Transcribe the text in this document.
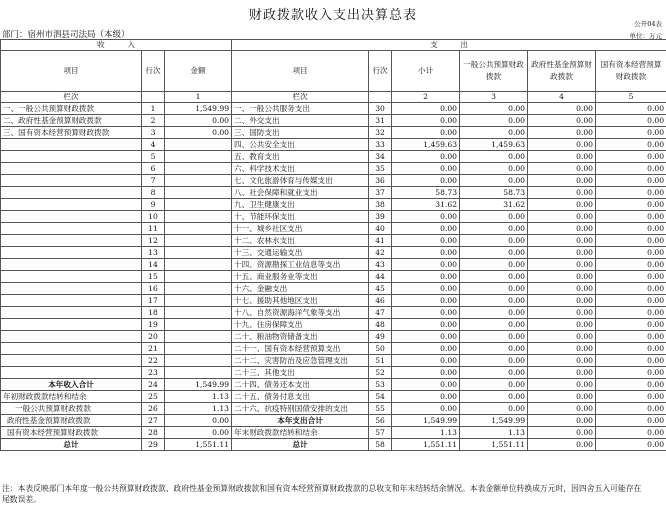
财政拨款收入支出决算总表
公开04表
部门：宿州市泗县司法局（本级）	单位：万元
收　　　入			支　　　出					
项目	行次	金额	项目	行次	小计	一般公共预算财政拨款	政府性基金预算财政拨款	国有资本经营预算财政拨款
栏次		1	栏次		2	3	4	5
一、一般公共预算财政拨款	1	1,549.99	一、一般公共服务支出	30	0.00	0.00	0.00	0.00
二、政府性基金预算财政拨款	2	0.00	二、外交支出	31	0.00	0.00	0.00	0.00
三、国有资本经营预算财政拨款	3	0.00	三、国防支出	32	0.00	0.00	0.00	0.00
	4		四、公共安全支出	33	1,459.63	1,459.63	0.00	0.00
	5		五、教育支出	34	0.00	0.00	0.00	0.00
	6		六、科学技术支出	35	0.00	0.00	0.00	0.00
	7		七、文化旅游体育与传媒支出	36	0.00	0.00	0.00	0.00
	8		八、社会保障和就业支出	37	58.73	58.73	0.00	0.00
	9		九、卫生健康支出	38	31.62	31.62	0.00	0.00
	10		十、节能环保支出	39	0.00	0.00	0.00	0.00
	11		十一、城乡社区支出	40	0.00	0.00	0.00	0.00
	12		十二、农林水支出	41	0.00	0.00	0.00	0.00
	13		十三、交通运输支出	42	0.00	0.00	0.00	0.00
	14		十四、资源勘探工业信息等支出	43	0.00	0.00	0.00	0.00
	15		十五、商业服务业等支出	44	0.00	0.00	0.00	0.00
	16		十六、金融支出	45	0.00	0.00	0.00	0.00
	17		十七、援助其他地区支出	46	0.00	0.00	0.00	0.00
	18		十八、自然资源海洋气象等支出	47	0.00	0.00	0.00	0.00
	19		十九、住房保障支出	48	0.00	0.00	0.00	0.00
	20		二十、粮油物资储备支出	49	0.00	0.00	0.00	0.00
	21		二十一、国有资本经营预算支出	50	0.00	0.00	0.00	0.00
	22		二十二、灾害防治及应急管理支出	51	0.00	0.00	0.00	0.00
	23		二十三、其他支出	52	0.00	0.00	0.00	0.00
本年收入合计	24	1,549.99	二十四、债务还本支出	53	0.00	0.00	0.00	0.00
年初财政拨款结转和结余	25	1.13	二十五、债务付息支出	54	0.00	0.00	0.00	0.00
一般公共预算财政拨款	26	1.13	二十六、抗疫特别国债安排的支出	55	0.00	0.00	0.00	0.00
政府性基金预算财政拨款	27	0.00	本年支出合计	56	1,549.99	1,549.99	0.00	0.00
国有资本经营预算财政拨款	28	0.00	年末财政拨款结转和结余	57	1.13	1.13	0.00	0.00
总计	29	1,551.11	总计	58	1,551.11	1,551.11	0.00	0.00
注：本表反映部门本年度一般公共预算财政拨款、政府性基金预算财政拨款和国有资本经营预算财政拨款的总收支和年末结转结余情况。本表金额单位转换成万元时，因四舍五入可能存在尾数误差。
